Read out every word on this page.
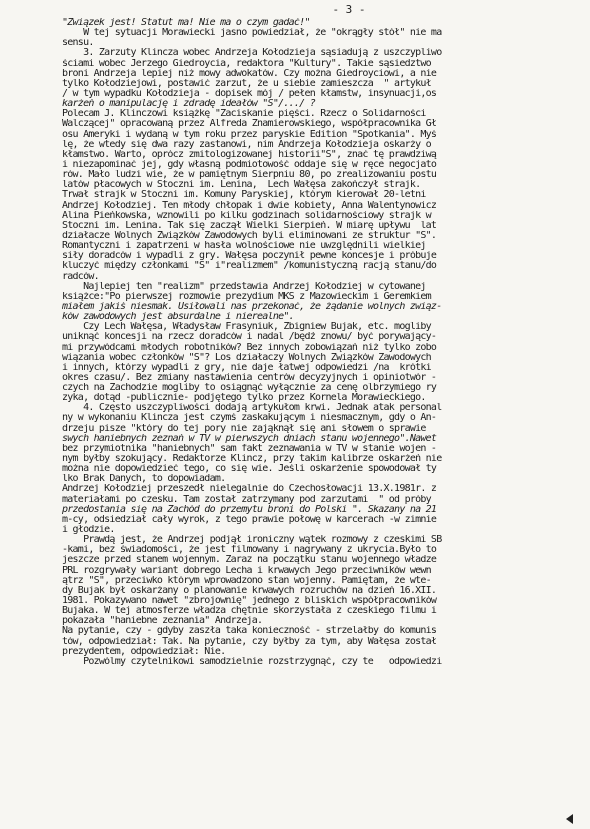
- 3 -
"Związek jest! Statut ma! Nie ma o czym gadać!"
W tej sytuacji Morawiecki jasno powiedział, że "okrągły stół" nie ma
sensu.
3. Zarzuty Klincza wobec Andrzeja Kołodzieja sąsiadują z uszczypliwo
ściami wobec Jerzego Giedroycia, redaktora "Kultury". Takie sąsiedztwo
broni Andrzeja lepiej niż mowy adwokatów. Czy można Giedroyciowi, a nie
tylko Kołodziejowi, postawić zarzut, że u siebie zamieszcza  " artykuł
/ w tym wypadku Kołodzieja - dopisek mój / pełen kłamstw, insynuacji,os
karżeń o manipulację i zdradę ideałów "S"/.../ ?
Polecam J. Klinczowi książkę "Zaciskanie pięści. Rzecz o Solidarności
Walczącej" opracowaną przez Alfreda Znamierowskiego, współpracownika Gł
osu Ameryki i wydaną w tym roku przez paryskie Edition "Spotkania". Myś
lę, że wtedy się dwa razy zastanowi, nim Andrzeja Kołodzieja oskarży o
kłamstwo. Warto, oprócz zmitologizowanej historii"S", znać tę prawdziwą
i niezapominać jej, gdy własną podmiotowość oddaje się w ręce negocjato
rów. Mało ludzi wie, że w pamiętnym Sierpniu 80, po zrealizowaniu postu
latów płacowych w Stoczni im. Lenina,  Lech Wałęsa zakończył strajk.
Trwał strajk w Stoczni im. Komuny Paryskiej, którym kierował 20-letni
Andrzej Kołodziej. Ten młody chłopak i dwie kobiety, Anna Walentynowicz
Alina Pieńkowska, wznowili po kilku godzinach solidarnościowy strajk w
Stoczni im. Lenina. Tak się zaczął Wielki Sierpień. W miarę upływu  lat
działacze Wolnych Związków Zawodowych byli eliminowani ze struktur "S".
Romantyczni i zapatrzeni w hasła wolnościowe nie uwzględnili wielkiej
siły doradców i wypadli z gry. Wałęsa poczynił pewne koncesje i próbuje
kluczyć między członkami "S" i"realizmem" /komunistyczną racją stanu/do
radców.
Najlepiej ten "realizm" przedstawia Andrzej Kołodziej w cytowanej
książce:"Po pierwszej rozmowie prezydium MKS z Mazowieckim i Geremkiem
miałem jakiś niesmak. Usiłowali nas przekonać, że żądanie wolnych związ-
ków zawodowych jest absurdalne i nierealne".
Czy Lech Wałęsa, Władysław Frasyniuk, Zbigniew Bujak, etc. mogliby
uniknąć koncesji na rzecz doradców i nadal /będź znowu/ być porywający-
mi przywódcami młodych robotników? Bez innych zobowiązań niż tylko zobo
wiązania wobec członków "S"? Los działaczy Wolnych Związków Zawodowych
i innych, którzy wypadli z gry, nie daje łatwej odpowiedzi /na  krótki
okres czasu/. Bez zmiany nastawienia centrów decyzyjnych i opiniotwór -
czych na Zachodzie mogliby to osiągnąć wyłącznie za cenę olbrzymiego ry
zyka, dotąd -publicznie- podjętego tylko przez Kornela Morawieckiego.
4. Często uszczypliwości dodają artykułom krwi. Jednak atak personal
ny w wykonaniu Klincza jest czymś zaskakującym i niesmacznym, gdy o An-
drzeju pisze "który do tej pory nie zająknął się ani słowem o sprawie
swych haniebnych zeznań w TV w pierwszych dniach stanu wojennego".Nawet
bez przymiotnika "haniebnych" sam fakt zeznawania w TV w stanie wojen -
nym byłby szokujący. Redaktorze Klincz, przy takim kalibrze oskarżeń nie
można nie dopowiedzieć tego, co się wie. Jeśli oskarżenie spowodował ty
lko Brak Danych, to dopowiadam.
Andrzej Kołodziej przeszedł nielegalnie do Czechosłowacji 13.X.1981r. z
materiałami po czesku. Tam został zatrzymany pod zarzutami  " od próby
przedostania się na Zachód do przemytu broni do Polski ". Skazany na 21
m-cy, odsiedział cały wyrok, z tego prawie połowę w karcerach -w zimnie
i głodzie.
Prawdą jest, że Andrzej podjął ironiczny wątek rozmowy z czeskimi SB
-kami, bez świadomości, że jest filmowany i nagrywany z ukrycia.Było to
jeszcze przed stanem wojennym. Zaraz na początku stanu wojennego władze
PRL rozgrywały wariant dobrego Lecha i krwawych Jego przeciwników wewn
ątrz "S", przeciwko którym wprowadzono stan wojenny. Pamiętam, że wte-
dy Bujak był oskarżany o planowanie krwawych rozruchów na dzień 16.XII.
1981. Pokazywano nawet "zbrojownię" jednego z bliskich współpracowników
Bujaka. W tej atmosferze władza chętnie skorzystała z czeskiego filmu i
pokazała "haniebne zeznania" Andrzeja.
Na pytanie, czy - gdyby zaszła taka konieczność - strzelałby do komunis
tów, odpowiedział: Tak. Na pytanie, czy byłby za tym, aby Wałęsa został
prezydentem, odpowiedział: Nie.
Pozwólmy czytelnikowi samodzielnie rozstrzygnąć, czy te   odpowiedzi
